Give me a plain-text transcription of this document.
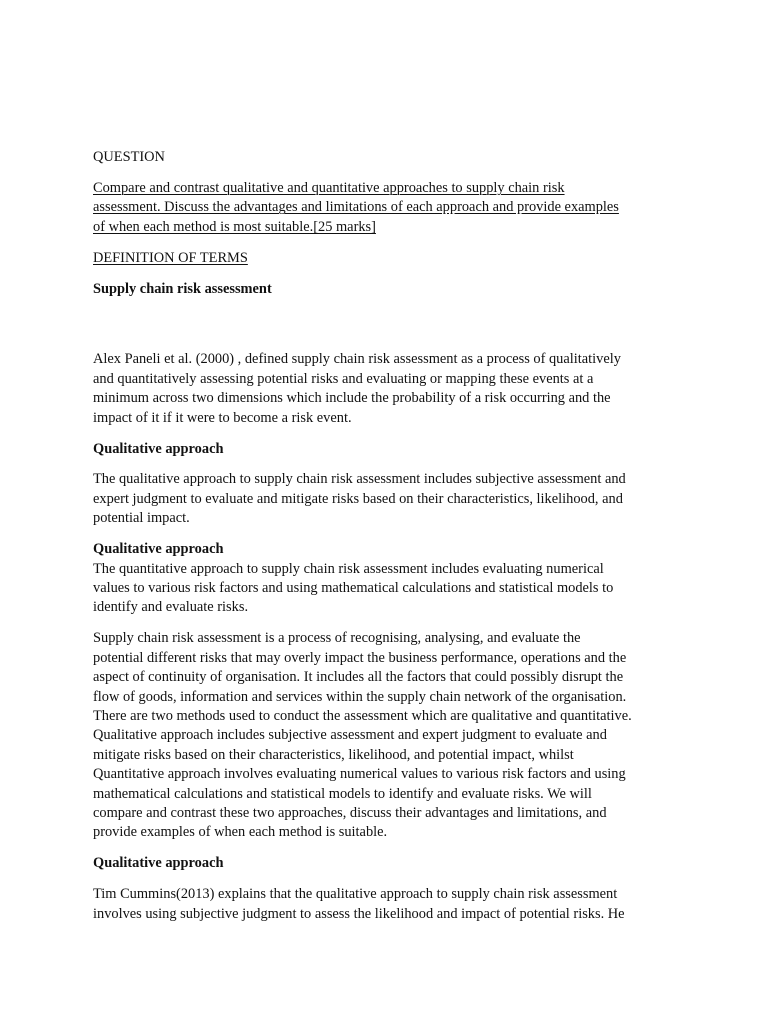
QUESTION
Compare and contrast qualitative and quantitative approaches to supply chain risk
assessment. Discuss the advantages and limitations of each approach and provide examples
of when each method is most suitable.[25 marks]
DEFINITION OF TERMS
Supply chain risk assessment
Alex Paneli et al. (2000) , defined supply chain risk assessment as a process of qualitatively
and quantitatively assessing potential risks and evaluating or mapping these events at a
minimum across two dimensions which include the probability of a risk occurring and the
impact of it if it were to become a risk event.
Qualitative approach
The qualitative approach to supply chain risk assessment includes subjective assessment and
expert judgment to evaluate and mitigate risks based on their characteristics, likelihood, and
potential impact.
Qualitative approach
The quantitative approach to supply chain risk assessment includes evaluating numerical
values to various risk factors and using mathematical calculations and statistical models to
identify and evaluate risks.
Supply chain risk assessment is a process of recognising, analysing, and evaluate the
potential different risks that may overly impact the business performance, operations and the
aspect of continuity of organisation. It includes all the factors that could possibly disrupt the
flow of goods, information and services within the supply chain network of the organisation.
There are two methods used to conduct the assessment which are qualitative and quantitative.
Qualitative approach includes subjective assessment and expert judgment to evaluate and
mitigate risks based on their characteristics, likelihood, and potential impact, whilst
Quantitative approach involves evaluating numerical values to various risk factors and using
mathematical calculations and statistical models to identify and evaluate risks. We will
compare and contrast these two approaches, discuss their advantages and limitations, and
provide examples of when each method is suitable.
Qualitative approach
Tim Cummins(2013) explains that the qualitative approach to supply chain risk assessment
involves using subjective judgment to assess the likelihood and impact of potential risks. He
